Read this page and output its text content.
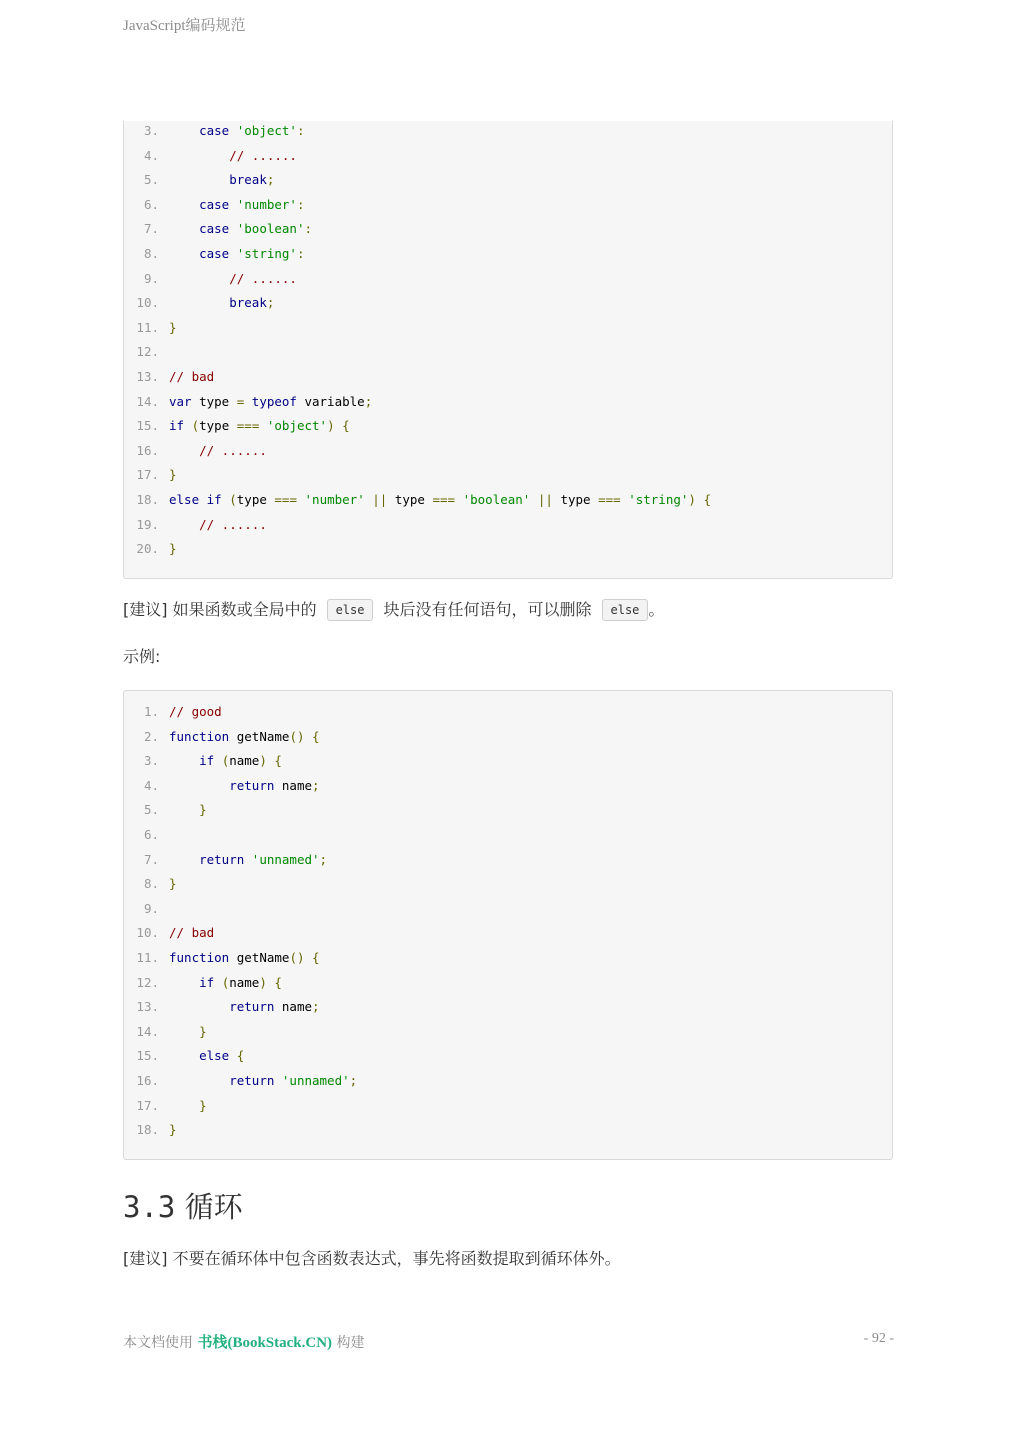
JavaScript编码规范
3.	case 'object':
4.	// ......
5.	break;
6.	case 'number':
7.	case 'boolean':
8.	case 'string':
9.	// ......
10.	break;
11. }
12.
13. // bad
14. var type = typeof variable;
15. if (type === 'object') {
16.	// ......
17. }
18. else if (type === 'number' || type === 'boolean' || type === 'string') {
19.	// ......
20. }
[建议] 如果函数或全局中的 else 块后没有任何语句，可以删除 else 。
示例:
1. // good
2. function getName() {
3.	if (name) {
4.	return name;
5.	}
6.
7.	return 'unnamed';
8. }
9.
10. // bad
11. function getName() {
12.	if (name) {
13.	return name;
14.	}
15.	else {
16.	return 'unnamed';
17.	}
18. }
3.3 循环
[建议] 不要在循环体中包含函数表达式，事先将函数提取到循环体外。
本文档使用 书栈(BookStack.CN) 构建	- 92 -
